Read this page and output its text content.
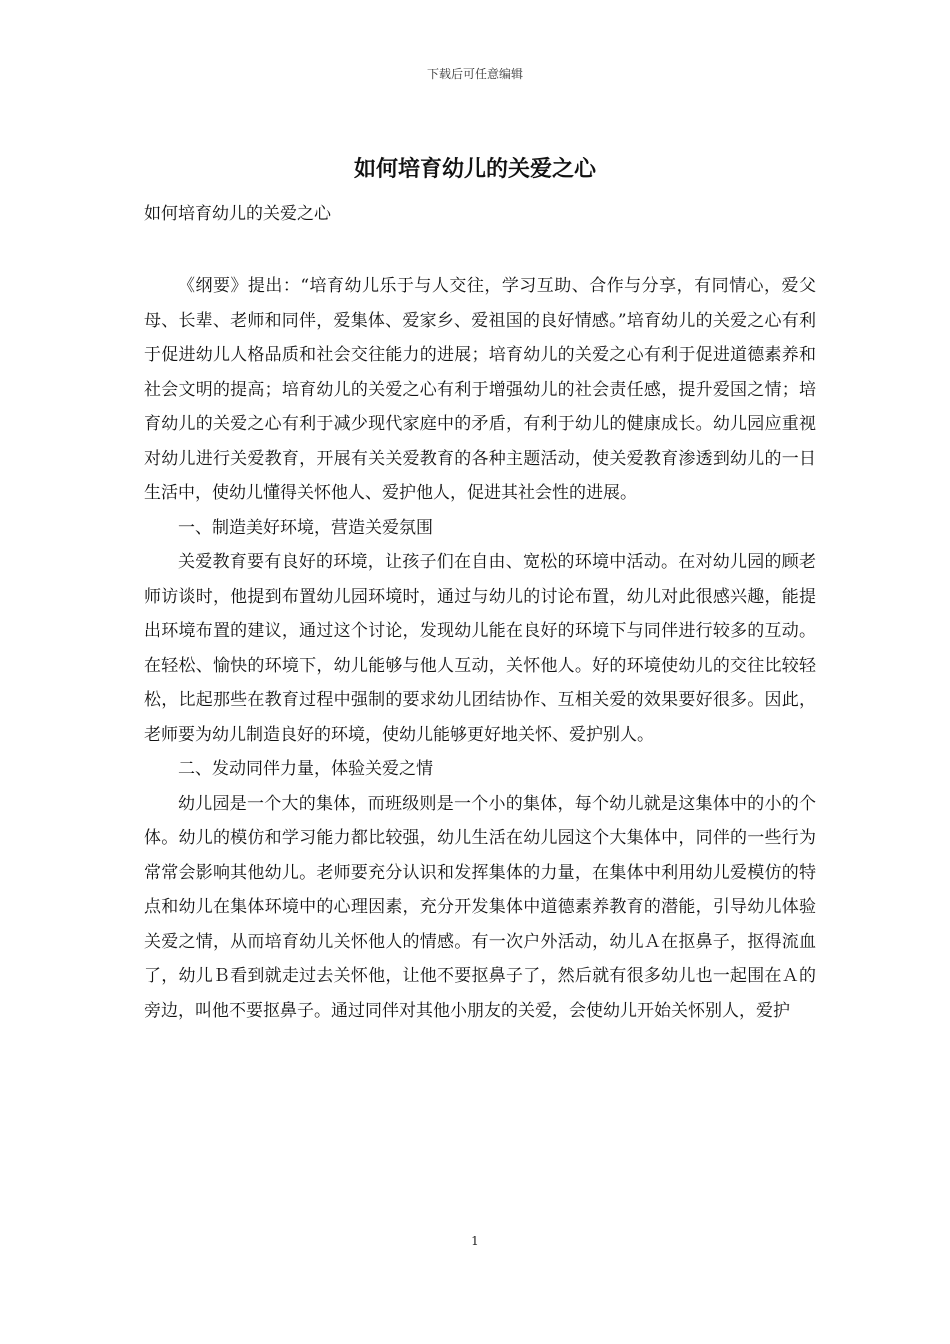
下载后可任意编辑
如何培育幼儿的关爱之心

如何培育幼儿的关爱之心

《纲要》提出：“培育幼儿乐于与人交往，学习互助、合作与分享，有同情心，爱父母、长辈、老师和同伴，爱集体、爱家乡、爱祖国的良好情感。”培育幼儿的关爱之心有利于促进幼儿人格品质和社会交往能力的进展；培育幼儿的关爱之心有利于促进道德素养和社会文明的提高；培育幼儿的关爱之心有利于增强幼儿的社会责任感，提升爱国之情；培育幼儿的关爱之心有利于减少现代家庭中的矛盾，有利于幼儿的健康成长。幼儿园应重视对幼儿进行关爱教育，开展有关关爱教育的各种主题活动，使关爱教育渗透到幼儿的一日生活中，使幼儿懂得关怀他人、爱护他人，促进其社会性的进展。

一、制造美好环境，营造关爱氛围

关爱教育要有良好的环境，让孩子们在自由、宽松的环境中活动。在对幼儿园的顾老师访谈时，他提到布置幼儿园环境时，通过与幼儿的讨论布置，幼儿对此很感兴趣，能提出环境布置的建议，通过这个讨论，发现幼儿能在良好的环境下与同伴进行较多的互动。在轻松、愉快的环境下，幼儿能够与他人互动，关怀他人。好的环境使幼儿的交往比较轻松，比起那些在教育过程中强制的要求幼儿团结协作、互相关爱的效果要好很多。因此，老师要为幼儿制造良好的环境，使幼儿能够更好地关怀、爱护别人。

二、发动同伴力量，体验关爱之情

幼儿园是一个大的集体，而班级则是一个小的集体，每个幼儿就是这集体中的小的个体。幼儿的模仿和学习能力都比较强，幼儿生活在幼儿园这个大集体中，同伴的一些行为常常会影响其他幼儿。老师要充分认识和发挥集体的力量，在集体中利用幼儿爱模仿的特点和幼儿在集体环境中的心理因素，充分开发集体中道德素养教育的潜能，引导幼儿体验关爱之情，从而培育幼儿关怀他人的情感。有一次户外活动，幼儿Ａ在抠鼻子，抠得流血了，幼儿Ｂ看到就走过去关怀他，让他不要抠鼻子了，然后就有很多幼儿也一起围在Ａ的旁边，叫他不要抠鼻子。通过同伴对其他小朋友的关爱，会使幼儿开始关怀别人，爱护

1
